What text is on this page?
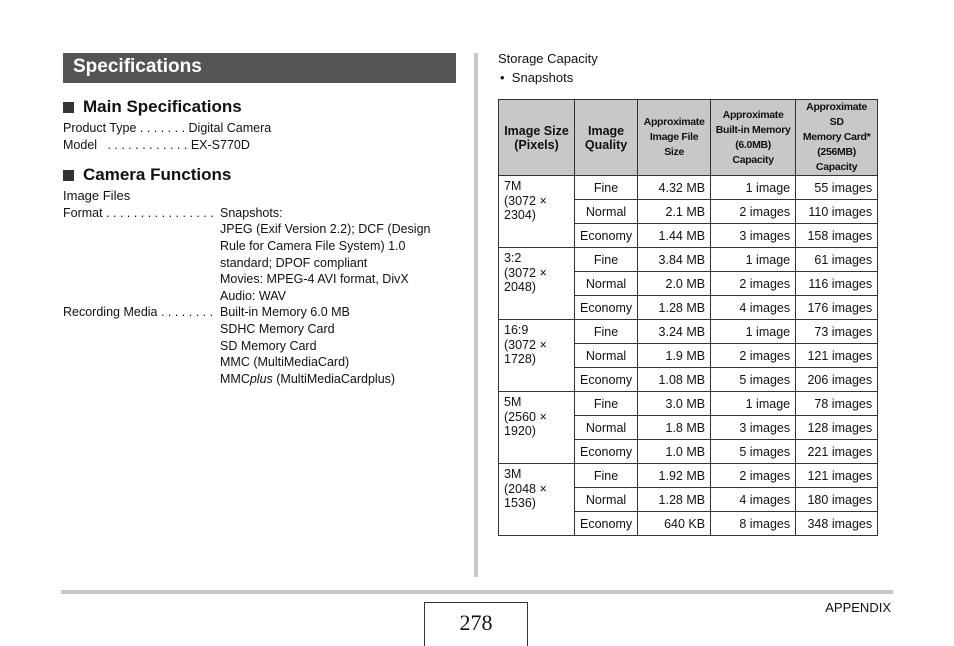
Specifications
Main Specifications
Product Type . . . . . . . Digital Camera
Model   . . . . . . . . . . . . EX-S770D
Camera Functions
Image Files
Format . . . . . . . . . . . . . . . . Snapshots:
JPEG (Exif Version 2.2); DCF (Design
Rule for Camera File System) 1.0
standard; DPOF compliant
Movies: MPEG-4 AVI format, DivX
Audio: WAV
Recording Media . . . . . . . . Built-in Memory 6.0 MB
SDHC Memory Card
SD Memory Card
MMC (MultiMediaCard)
MMCplus (MultiMediaCardplus)
Storage Capacity
• Snapshots
Image Size
(Pixels)	Image
Quality	Approximate
Image File
Size	Approximate
Built-in Memory
(6.0MB)
Capacity	Approximate SD
Memory Card*
(256MB)
Capacity

7M
(3072 ×
2304)	Fine	4.32 MB	1 image	55 images
	Normal	2.1 MB	2 images	110 images
	Economy	1.44 MB	3 images	158 images

3:2
(3072 ×
2048)	Fine	3.84 MB	1 image	61 images
	Normal	2.0 MB	2 images	116 images
	Economy	1.28 MB	4 images	176 images

16:9
(3072 ×
1728)	Fine	3.24 MB	1 image	73 images
	Normal	1.9 MB	2 images	121 images
	Economy	1.08 MB	5 images	206 images

5M
(2560 ×
1920)	Fine	3.0 MB	1 image	78 images
	Normal	1.8 MB	3 images	128 images
	Economy	1.0 MB	5 images	221 images

3M
(2048 ×
1536)	Fine	1.92 MB	2 images	121 images
	Normal	1.28 MB	4 images	180 images
	Economy	640 KB	8 images	348 images
278
APPENDIX
